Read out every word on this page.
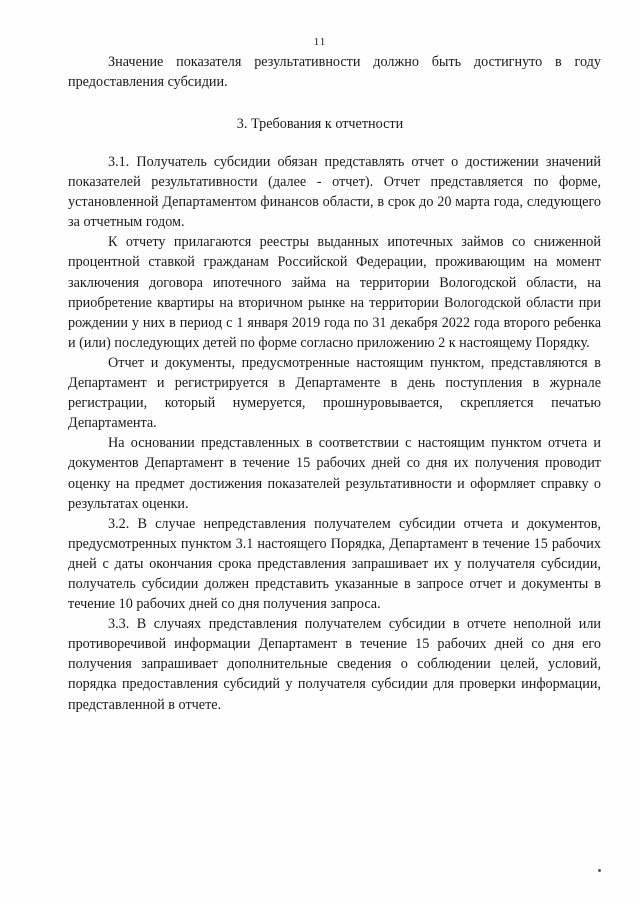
11

Значение показателя результативности должно быть достигнуто в году предоставления субсидии.

3. Требования к отчетности

3.1. Получатель субсидии обязан представлять отчет о достижении значений показателей результативности (далее - отчет). Отчет представляется по форме, установленной Департаментом финансов области, в срок до 20 марта года, следующего за отчетным годом.

К отчету прилагаются реестры выданных ипотечных займов со сниженной процентной ставкой гражданам Российской Федерации, проживающим на момент заключения договора ипотечного займа на территории Вологодской области, на приобретение квартиры на вторичном рынке на территории Вологодской области при рождении у них в период с 1 января 2019 года по 31 декабря 2022 года второго ребенка и (или) последующих детей по форме согласно приложению 2 к настоящему Порядку.

Отчет и документы, предусмотренные настоящим пунктом, представляются в Департамент и регистрируется в Департаменте в день поступления в журнале регистрации, который нумеруется, прошнуровывается, скрепляется печатью Департамента.

На основании представленных в соответствии с настоящим пунктом отчета и документов Департамент в течение 15 рабочих дней со дня их получения проводит оценку на предмет достижения показателей результативности и оформляет справку о результатах оценки.

3.2. В случае непредставления получателем субсидии отчета и документов, предусмотренных пунктом 3.1 настоящего Порядка, Департамент в течение 15 рабочих дней с даты окончания срока представления запрашивает их у получателя субсидии, получатель субсидии должен представить указанные в запросе отчет и документы в течение 10 рабочих дней со дня получения запроса.

3.3. В случаях представления получателем субсидии в отчете неполной или противоречивой информации Департамент в течение 15 рабочих дней со дня его получения запрашивает дополнительные сведения о соблюдении целей, условий, порядка предоставления субсидий у получателя субсидии для проверки информации, представленной в отчете.
